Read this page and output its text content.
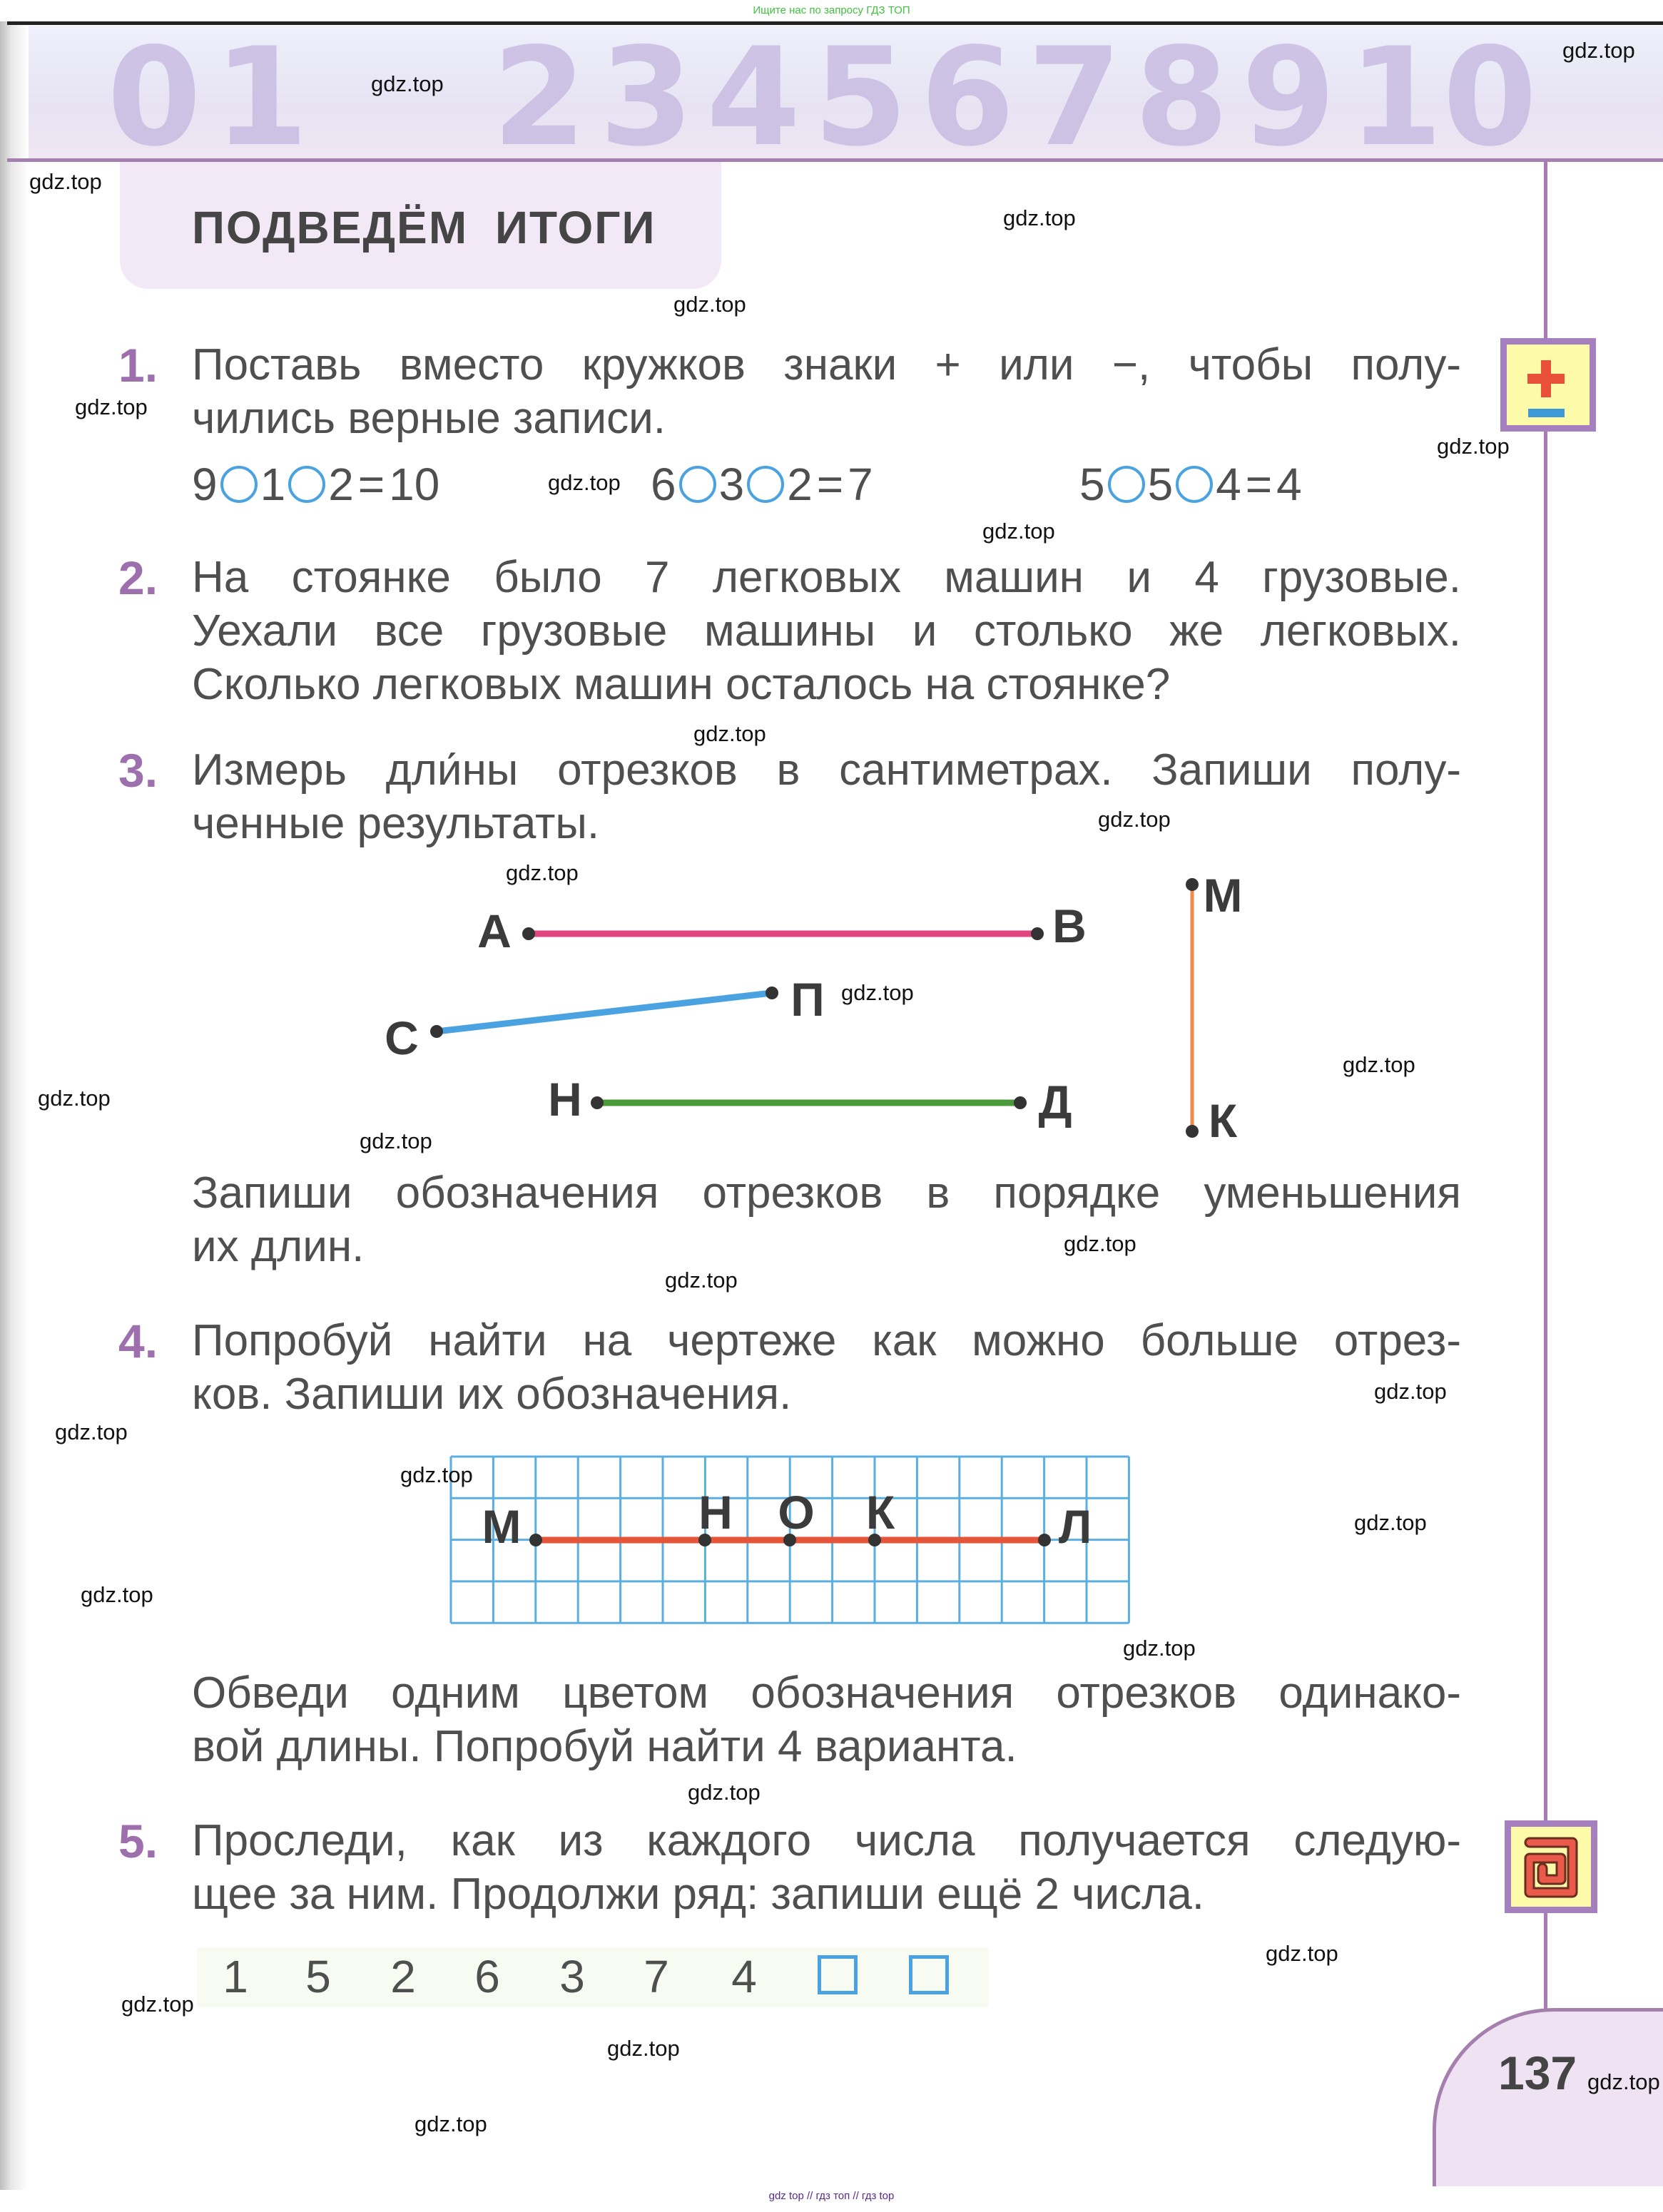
Ищите нас по запросу ГДЗ ТОП
0 1 2 3 4 5 6 7 8 9 10
ПОДВЕДЁМ ИТОГИ
137
1. Поставь вместо кружков знаки + или −, чтобы полу-
чились верные записи.
9 1 2 = 10	6 3 2 = 7	5 5 4 = 4
2. На стоянке было 7 легковых машин и 4 грузовые.
Уехали все грузовые машины и столько же легковых.
Сколько легковых машин осталось на стоянке?
3. Измерь дли́ны отрезков в сантиметрах. Запиши полу-
ченные результаты.
А	В
П
С
Н	Д
М
К
М	Н О К	Л
Запиши обозначения отрезков в порядке уменьшения
их длин.
4. Попробуй найти на чертеже как можно больше отрез-
ков. Запиши их обозначения.
Обведи одним цветом обозначения отрезков одинако-
вой длины. Попробуй найти 4 варианта.
5. Проследи, как из каждого числа получается следую-
щее за ним. Продолжи ряд: запиши ещё 2 числа.
1	5	2	6	3	7	4
gdz.top
gdz.top
gdz.top
gdz.top
gdz.top
gdz.top
gdz.top
gdz.top
gdz.top
gdz.top
gdz.top
gdz.top
gdz.top
gdz.top
gdz.top
gdz.top
gdz.top
gdz.top
gdz.top
gdz.top
gdz.top
gdz.top
gdz.top
gdz.top
gdz.top
gdz.top
gdz.top
gdz.top
gdz.top
gdz.top
gdz top // гдз топ // гдз top
